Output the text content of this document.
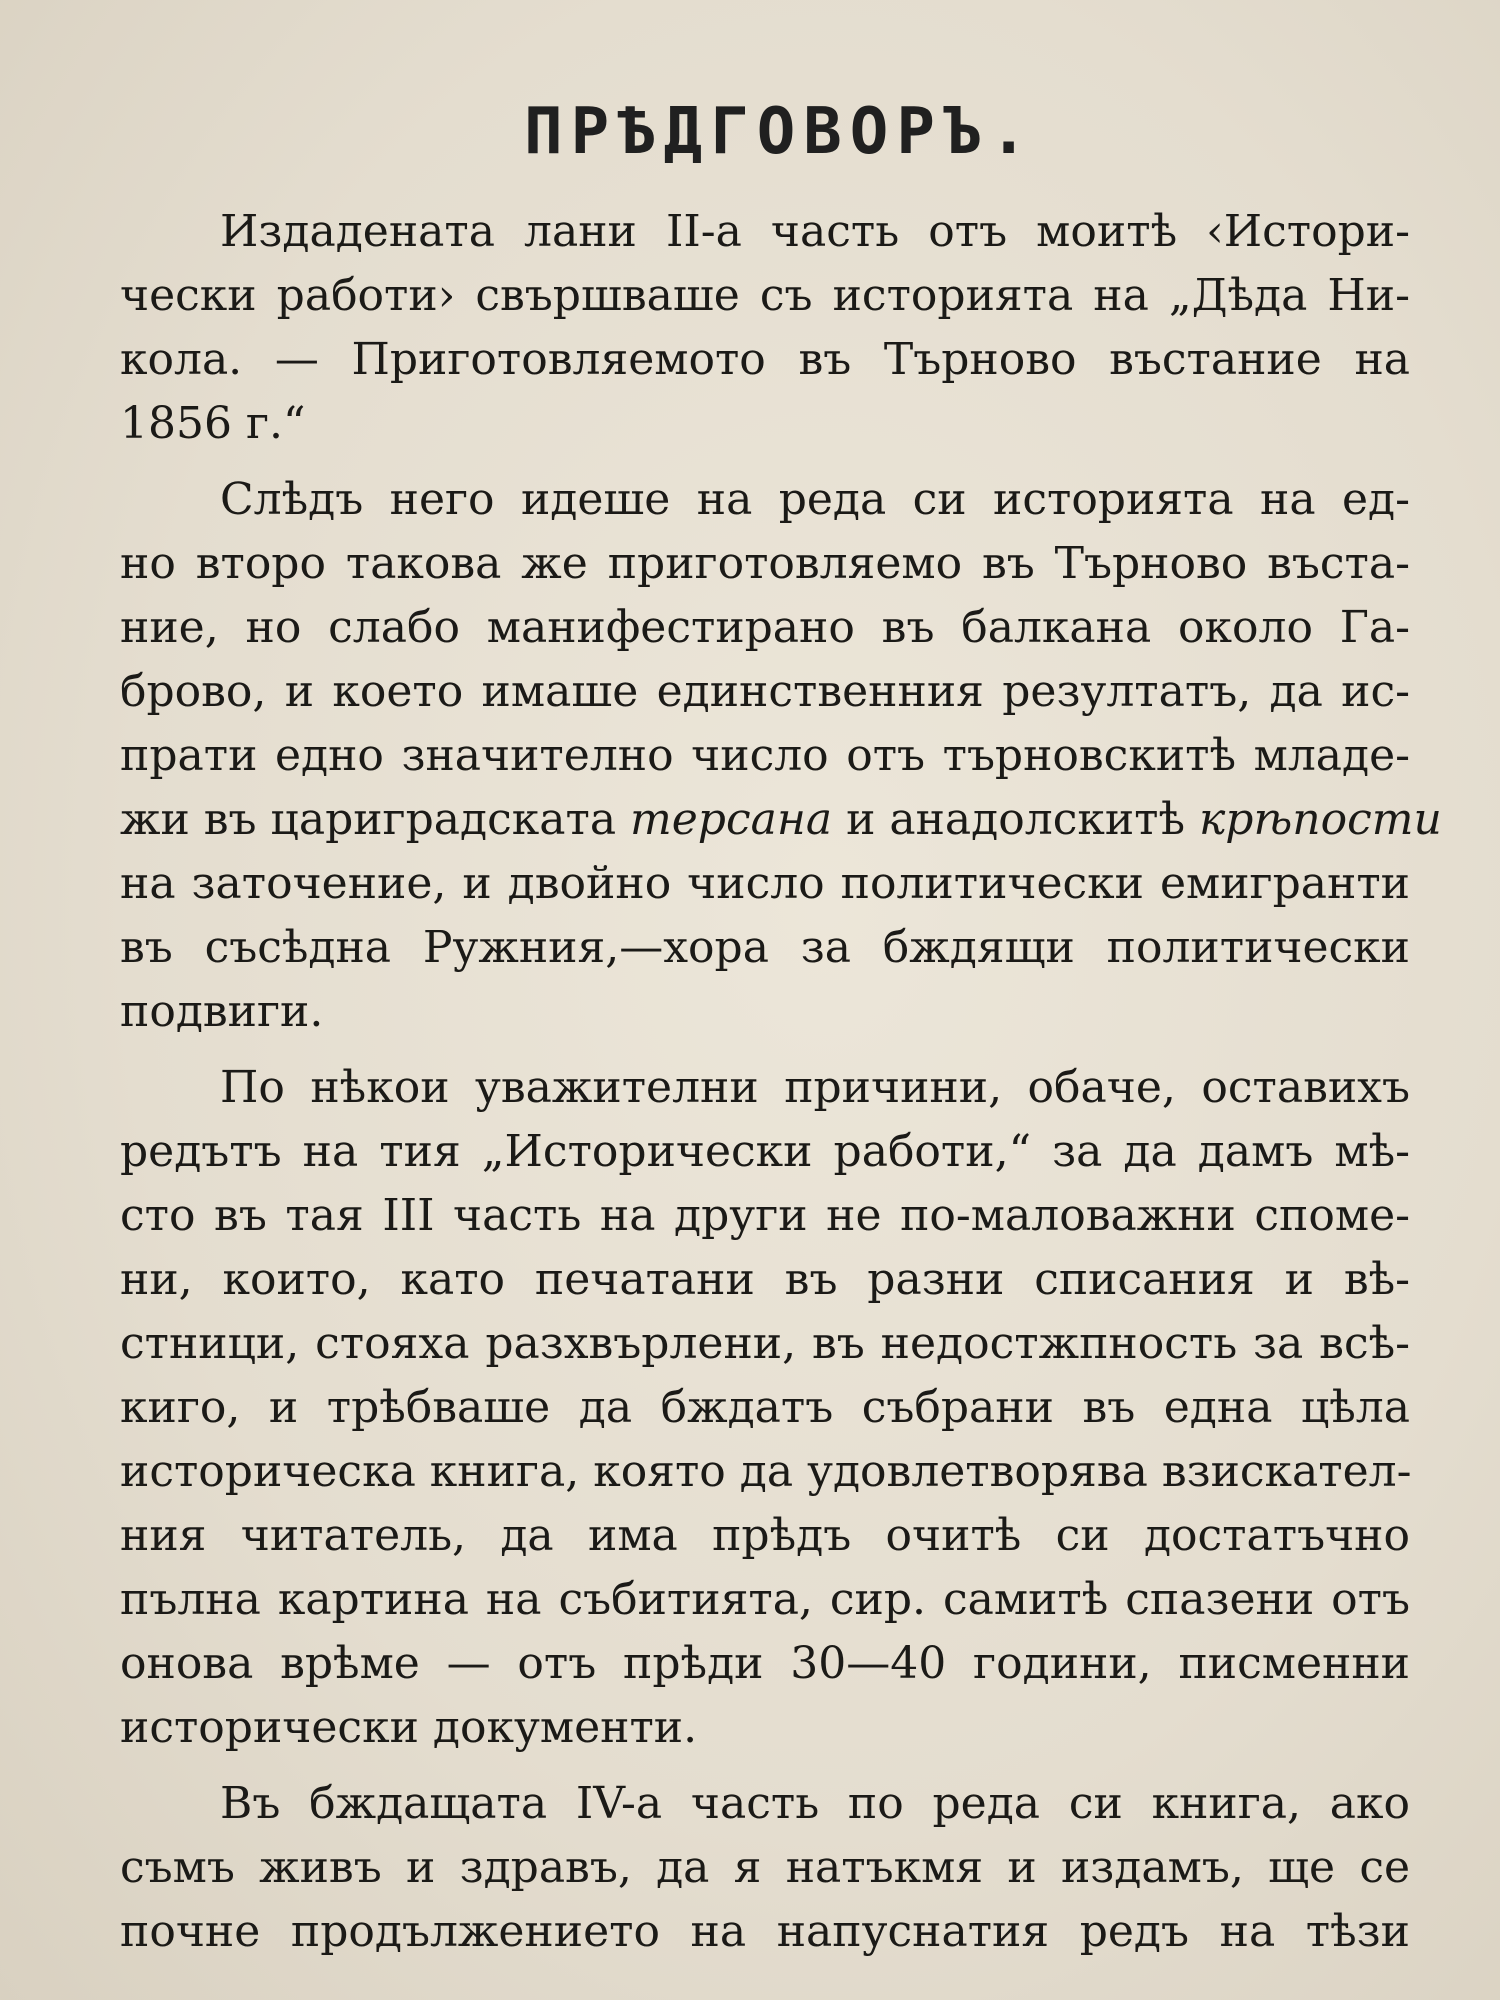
ПРѢДГОВОРЪ.
Издадената лани II-а часть отъ моитѣ ‹Истори-
чески работи› свършваше съ историята на „Дѣда Ни-
кола. — Приготовляемото въ Търново въстание на
1856 г.“
Слѣдъ него идеше на реда си историята на ед-
но второ такова же приготовляемо въ Търново въста-
ние, но слабо манифестирано въ балкана около Га-
брово, и което имаше единственния резултатъ, да ис-
прати едно значително число отъ търновскитѣ младе-
жи въ цариградската терсана и анадолскитѣ крѣпости
на заточение, и двойно число политически емигранти
въ съсѣдна Ружния,—хора за бждящи политически
подвиги.
По нѣкои уважителни причини, обаче, оставихъ
редътъ на тия „Исторически работи,“ за да дамъ мѣ-
сто въ тая III часть на други не по-маловажни спомe-
ни, които, като печатани въ разни списания и вѣ-
стници, стояха разхвърлени, въ недостжпность за всѣ-
киго, и трѣбваше да бждатъ събрани въ една цѣла
историческа книга, която да удовлетворява взискател-
ния читатель, да има прѣдъ очитѣ си достатъчно
пълна картина на събитията, сир. самитѣ спазени отъ
онова врѣме — отъ прѣди 30—40 години, писменни
исторически документи.
Въ бждащата IV-а часть по реда си книга, ако
съмъ живъ и здравъ, да я натъкмя и издамъ, ще се
почне продължението на напуснатия редъ на тѣзи
